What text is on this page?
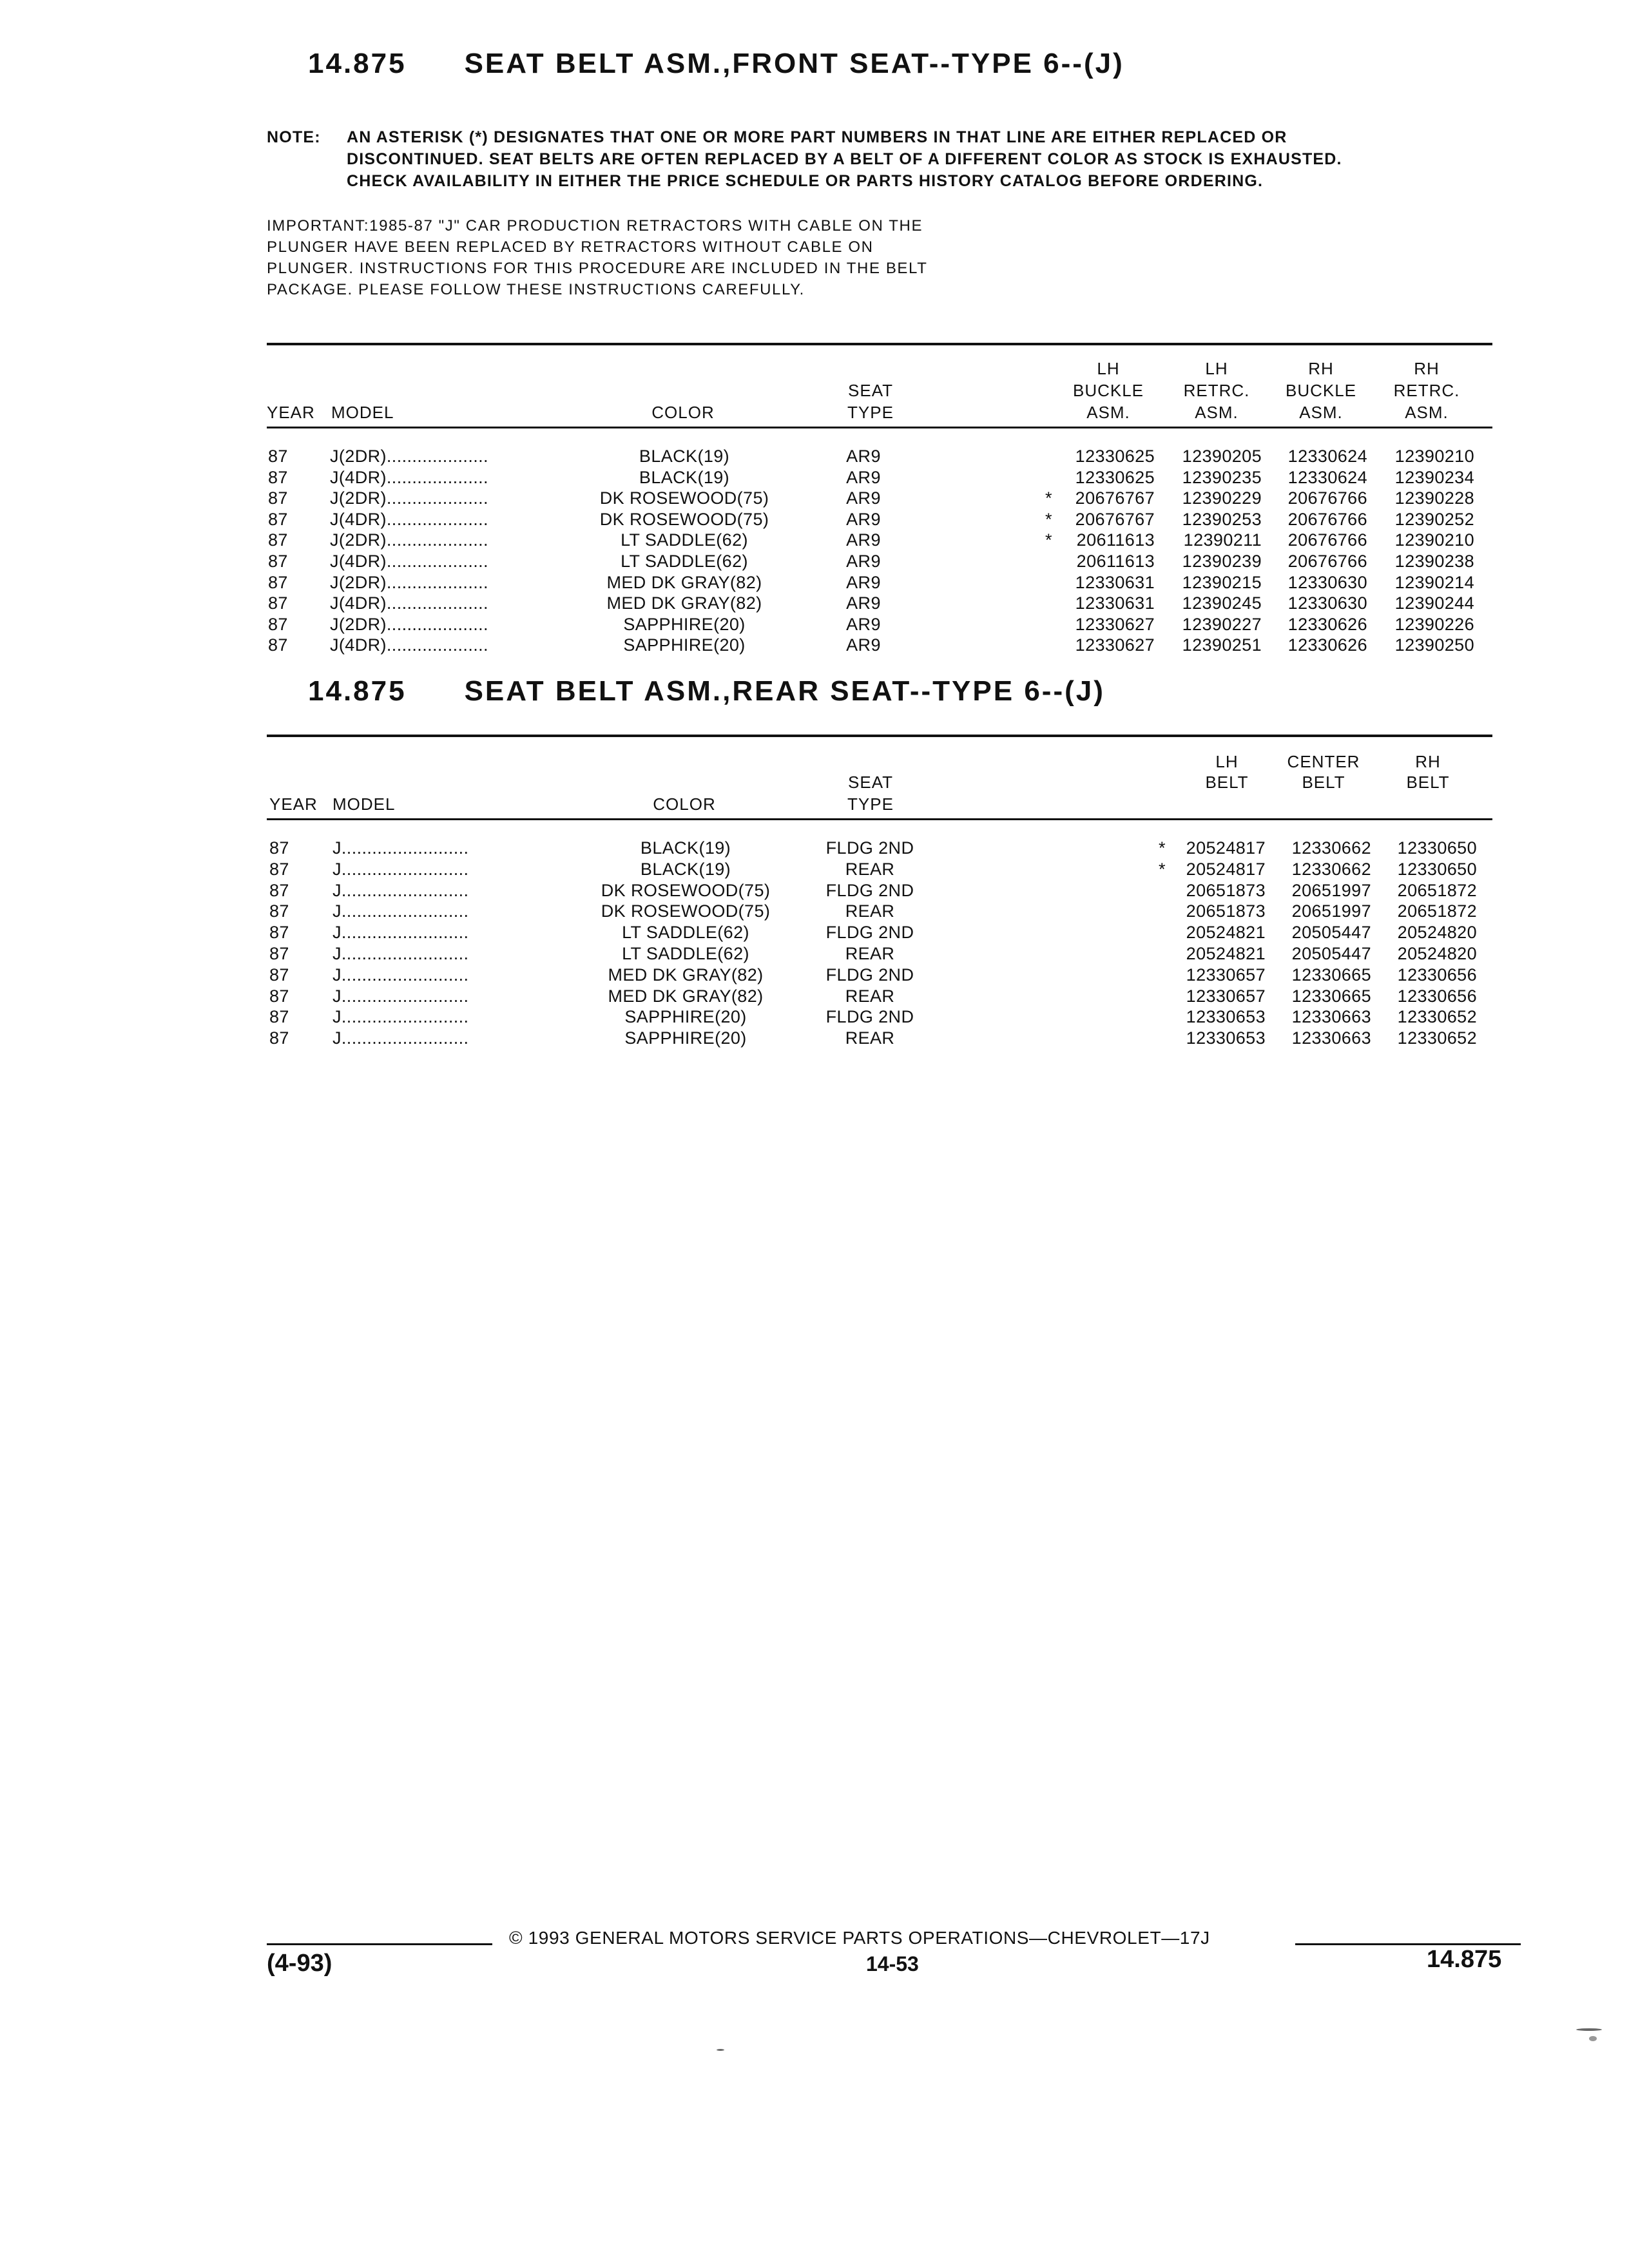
14.875 SEAT BELT ASM.,FRONT SEAT--TYPE 6--(J)
NOTE: AN ASTERISK (*) DESIGNATES THAT ONE OR MORE PART NUMBERS IN THAT LINE ARE EITHER REPLACED OR
DISCONTINUED. SEAT BELTS ARE OFTEN REPLACED BY A BELT OF A DIFFERENT COLOR AS STOCK IS EXHAUSTED.
CHECK AVAILABILITY IN EITHER THE PRICE SCHEDULE OR PARTS HISTORY CATALOG BEFORE ORDERING.
IMPORTANT:1985-87 "J" CAR PRODUCTION RETRACTORS WITH CABLE ON THE
PLUNGER HAVE BEEN REPLACED BY RETRACTORS WITHOUT CABLE ON
PLUNGER. INSTRUCTIONS FOR THIS PROCEDURE ARE INCLUDED IN THE BELT
PACKAGE. PLEASE FOLLOW THESE INSTRUCTIONS CAREFULLY.
LH	LH	RH	RH
SEAT	BUCKLE RETRC. BUCKLE RETRC.
YEAR MODEL	COLOR	TYPE	ASM.	ASM.	ASM.	ASM.
87 J(2DR)....................	BLACK(19)	AR9	12330625 12390205 12330624 12390210
87 J(4DR)....................	BLACK(19)	AR9	12330625 12390235 12330624 12390234
87 J(2DR)....................	DK ROSEWOOD(75)	AR9	* 20676767 12390229 20676766 12390228
87 J(4DR)....................	DK ROSEWOOD(75)	AR9	* 20676767 12390253 20676766 12390252
87 J(2DR)....................	LT SADDLE(62)	AR9	* 20611613 12390211 20676766 12390210
87 J(4DR)....................	LT SADDLE(62)	AR9	20611613 12390239 20676766 12390238
87 J(2DR)....................	MED DK GRAY(82)	AR9	12330631 12390215 12330630 12390214
87 J(4DR)....................	MED DK GRAY(82)	AR9	12330631 12390245 12330630 12390244
87 J(2DR)....................	SAPPHIRE(20)	AR9	12330627 12390227 12330626 12390226
87 J(4DR)....................	SAPPHIRE(20)	AR9	12330627 12390251 12330626 12390250
14.875 SEAT BELT ASM.,REAR SEAT--TYPE 6--(J)
LH	CENTER	RH
SEAT	BELT	BELT	BELT
YEAR MODEL	COLOR	TYPE
87 J.........................	BLACK(19)	FLDG 2ND	* 20524817 12330662 12330650
87 J.........................	BLACK(19)	REAR	* 20524817 12330662 12330650
87 J.........................	DK ROSEWOOD(75)	FLDG 2ND	20651873 20651997 20651872
87 J.........................	DK ROSEWOOD(75)	REAR	20651873 20651997 20651872
87 J.........................	LT SADDLE(62)	FLDG 2ND	20524821 20505447 20524820
87 J.........................	LT SADDLE(62)	REAR	20524821 20505447 20524820
87 J.........................	MED DK GRAY(82)	FLDG 2ND	12330657 12330665 12330656
87 J.........................	MED DK GRAY(82)	REAR	12330657 12330665 12330656
87 J.........................	SAPPHIRE(20)	FLDG 2ND	12330653 12330663 12330652
87 J.........................	SAPPHIRE(20)	REAR	12330653 12330663 12330652
© 1993 GENERAL MOTORS SERVICE PARTS OPERATIONS—CHEVROLET—17J
(4-93)	14-53	14.875
